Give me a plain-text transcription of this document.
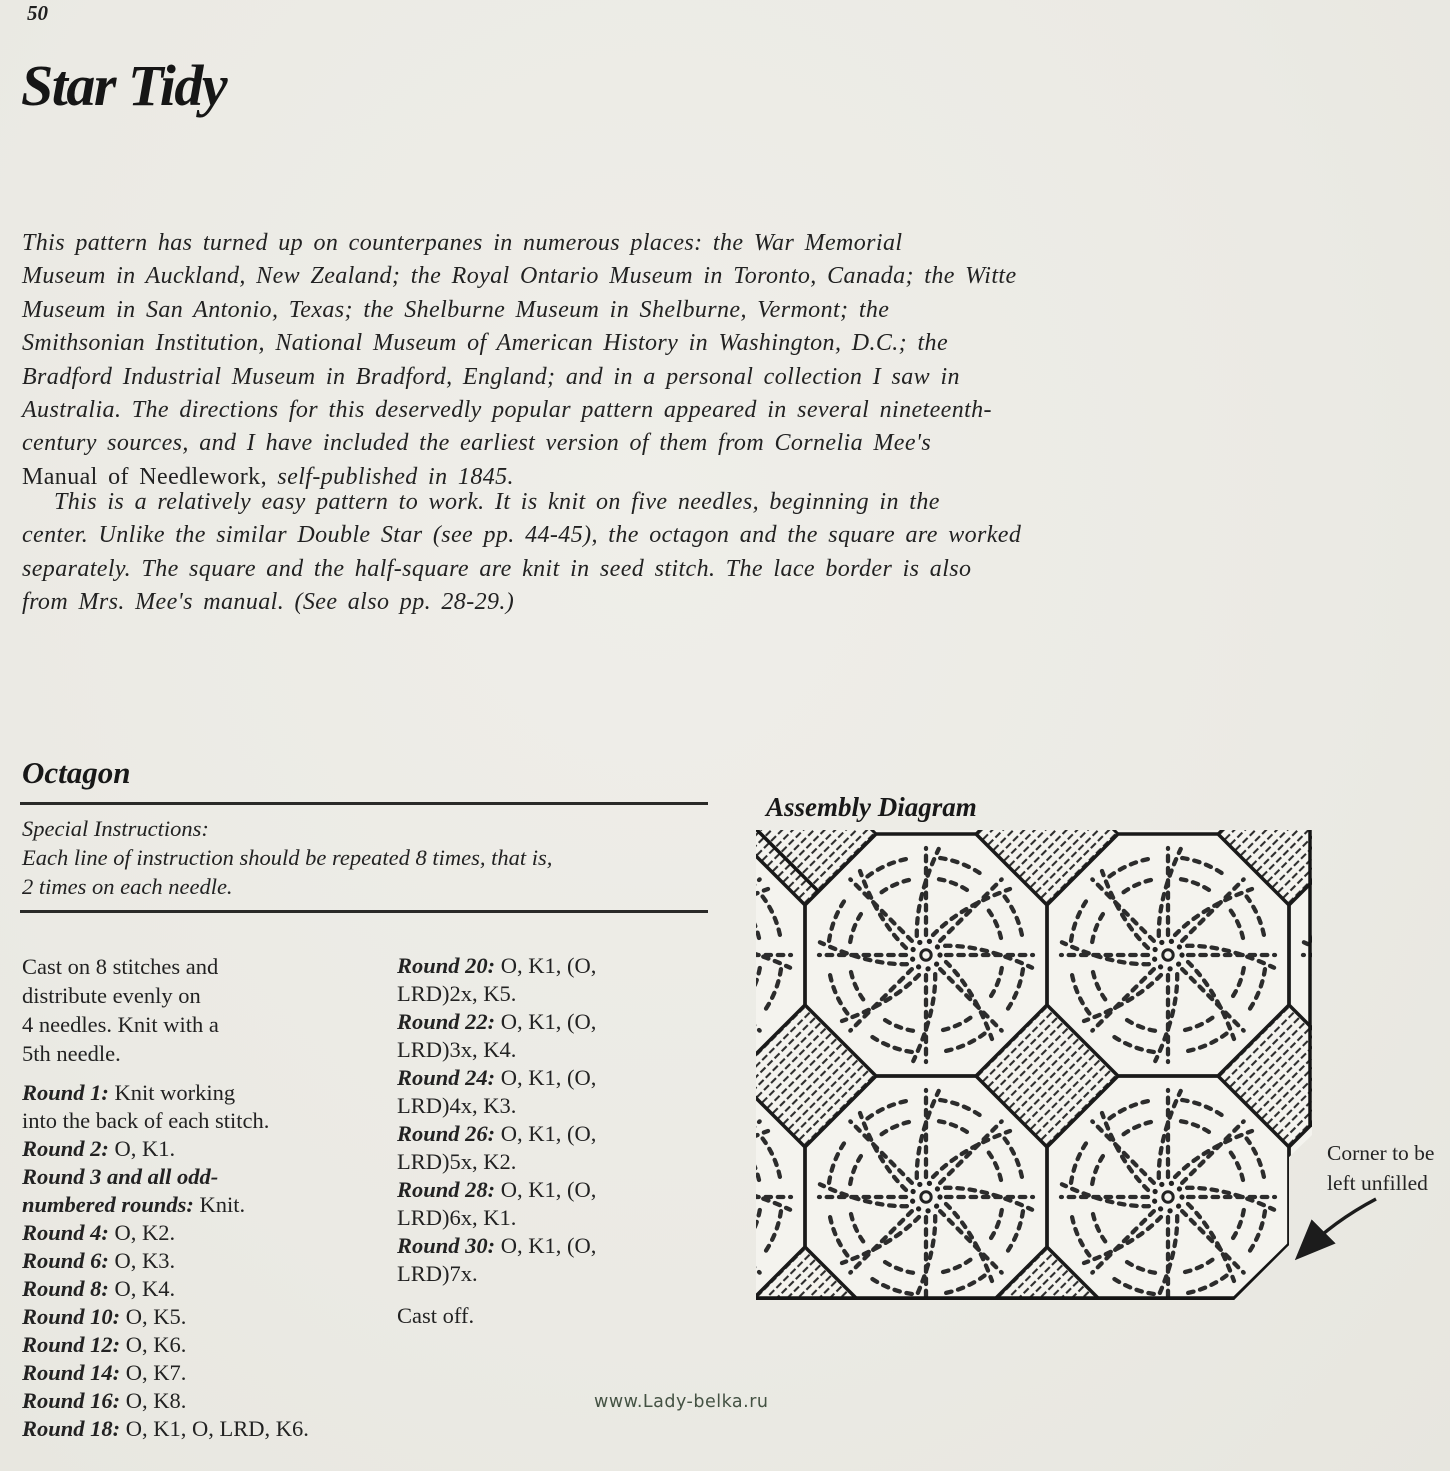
50
Star Tidy
This pattern has turned up on counterpanes in numerous places: the War Memorial
Museum in Auckland, New Zealand; the Royal Ontario Museum in Toronto, Canada; the Witte
Museum in San Antonio, Texas; the Shelburne Museum in Shelburne, Vermont; the
Smithsonian Institution, National Museum of American History in Washington, D.C.; the
Bradford Industrial Museum in Bradford, England; and in a personal collection I saw in
Australia. The directions for this deservedly popular pattern appeared in several nineteenth-
century sources, and I have included the earliest version of them from Cornelia Mee's
Manual of Needlework, self-published in 1845.
This is a relatively easy pattern to work. It is knit on five needles, beginning in the
center. Unlike the similar Double Star (see pp. 44-45), the octagon and the square are worked
separately. The square and the half-square are knit in seed stitch. The lace border is also
from Mrs. Mee's manual. (See also pp. 28-29.)
Octagon
Special Instructions:
Each line of instruction should be repeated 8 times, that is,
2 times on each needle.
Cast on 8 stitches and
distribute evenly on
4 needles. Knit with a
5th needle.
Round 1: Knit working
into the back of each stitch.
Round 2: O, K1.
Round 3 and all odd-
numbered rounds: Knit.
Round 4: O, K2.
Round 6: O, K3.
Round 8: O, K4.
Round 10: O, K5.
Round 12: O, K6.
Round 14: O, K7.
Round 16: O, K8.
Round 18: O, K1, O, LRD, K6.
Round 20: O, K1, (O,
LRD)2x, K5.
Round 22: O, K1, (O,
LRD)3x, K4.
Round 24: O, K1, (O,
LRD)4x, K3.
Round 26: O, K1, (O,
LRD)5x, K2.
Round 28: O, K1, (O,
LRD)6x, K1.
Round 30: O, K1, (O,
LRD)7x.
Cast off.
Assembly Diagram
Corner to be
left unfilled
www.Lady-belka.ru
